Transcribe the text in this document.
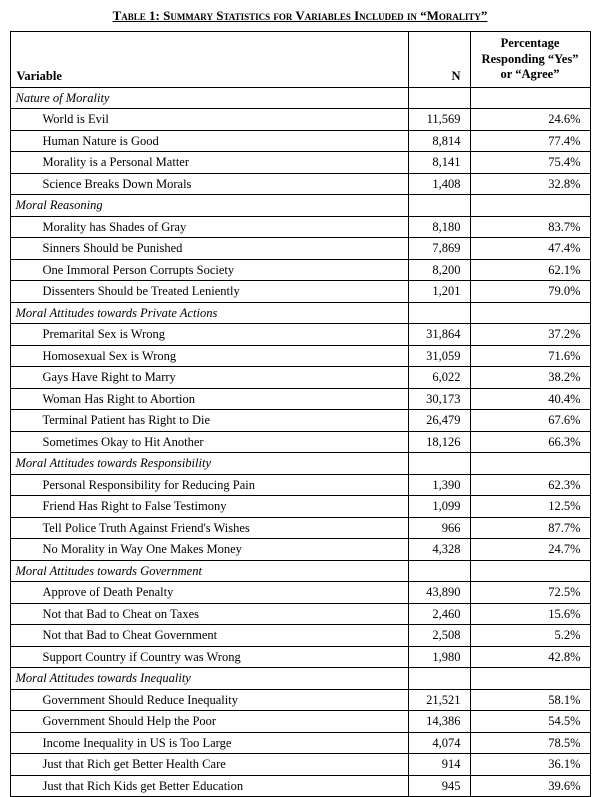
Table 1: Summary Statistics for Variables Included in “Morality”
Variable	N	Percentage Responding “Yes” or “Agree”
Nature of Morality		
World is Evil	11,569	24.6%
Human Nature is Good	8,814	77.4%
Morality is a Personal Matter	8,141	75.4%
Science Breaks Down Morals	1,408	32.8%
Moral Reasoning		
Morality has Shades of Gray	8,180	83.7%
Sinners Should be Punished	7,869	47.4%
One Immoral Person Corrupts Society	8,200	62.1%
Dissenters Should be Treated Leniently	1,201	79.0%
Moral Attitudes towards Private Actions		
Premarital Sex is Wrong	31,864	37.2%
Homosexual Sex is Wrong	31,059	71.6%
Gays Have Right to Marry	6,022	38.2%
Woman Has Right to Abortion	30,173	40.4%
Terminal Patient has Right to Die	26,479	67.6%
Sometimes Okay to Hit Another	18,126	66.3%
Moral Attitudes towards Responsibility		
Personal Responsibility for Reducing Pain	1,390	62.3%
Friend Has Right to False Testimony	1,099	12.5%
Tell Police Truth Against Friend's Wishes	966	87.7%
No Morality in Way One Makes Money	4,328	24.7%
Moral Attitudes towards Government		
Approve of Death Penalty	43,890	72.5%
Not that Bad to Cheat on Taxes	2,460	15.6%
Not that Bad to Cheat Government	2,508	5.2%
Support Country if Country was Wrong	1,980	42.8%
Moral Attitudes towards Inequality		
Government Should Reduce Inequality	21,521	58.1%
Government Should Help the Poor	14,386	54.5%
Income Inequality in US is Too Large	4,074	78.5%
Just that Rich get Better Health Care	914	36.1%
Just that Rich Kids get Better Education	945	39.6%
